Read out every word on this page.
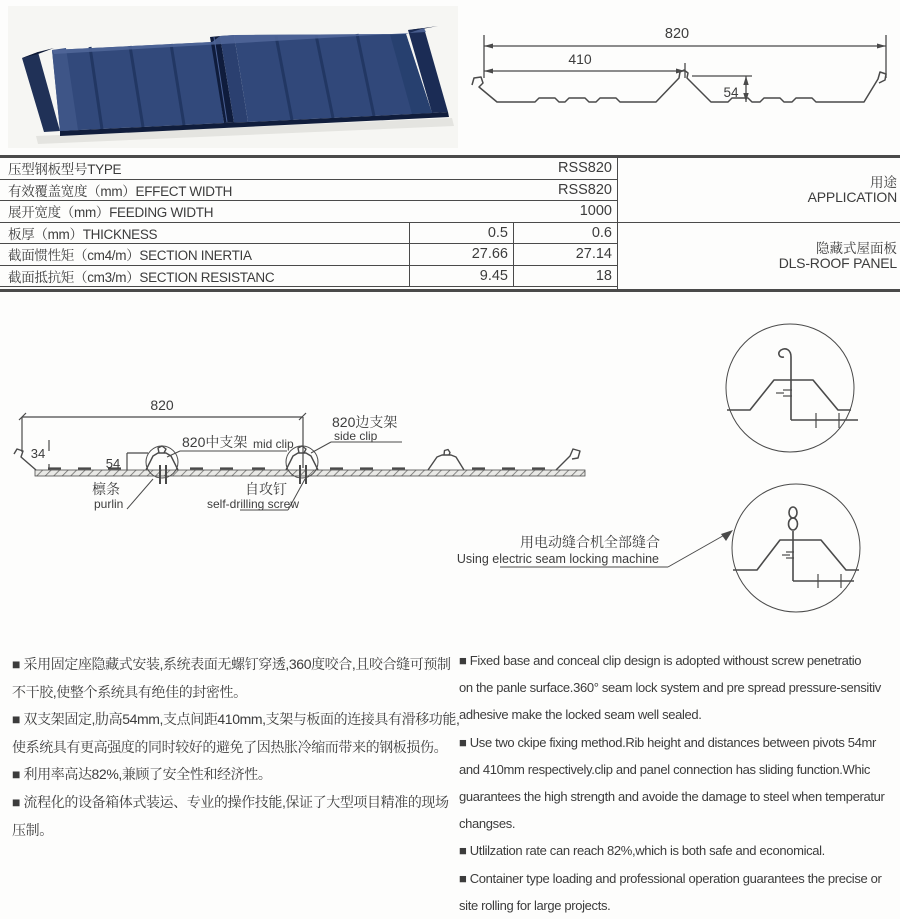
820
410
54
压型钢板型号TYPE	RSS820
有效覆盖宽度（mm）EFFECT WIDTH	RSS820
展开宽度（mm）FEEDING WIDTH	1000
板厚（mm）THICKNESS	0.5	0.6
截面惯性矩（cm4/m）SECTION INERTIA	27.66	27.14
截面抵抗矩（cm3/m）SECTION RESISTANC	9.45	18
用途
APPLICATION
隐藏式屋面板
DLS-ROOF PANEL
820
34
54
820中支架 mid clip
820边支架
side clip
檩条
purlin
自攻钉
self-drilling screw
用电动缝合机全部缝合
Using electric seam locking machine
■ 采用固定座隐藏式安装,系统表面无螺钉穿透,360度咬合,且咬合缝可预制
不干胶,使整个系统具有绝佳的封密性。
■ 双支架固定,肋高54mm,支点间距410mm,支架与板面的连接具有滑移功能,
使系统具有更高强度的同时较好的避免了因热胀冷缩而带来的钢板损伤。
■ 利用率高达82%,兼顾了安全性和经济性。
■ 流程化的设备箱体式装运、专业的操作技能,保证了大型项目精准的现场
压制。
■ Fixed base and conceal clip design is adopted withoust screw penetratio
on the panle surface.360° seam lock system and pre spread pressure-sensitiv
adhesive make the locked seam well sealed.
■ Use two ckipe fixing method.Rib height and distances between pivots 54mr
and 410mm respectively.clip and panel connection has sliding function.Whic
guarantees the high strength and avoide the damage to steel when temperatur
changses.
■ Utlilzation rate can reach 82%,which is both safe and economical.
■ Container type loading and professional operation guarantees the precise or
site rolling for large projects.
